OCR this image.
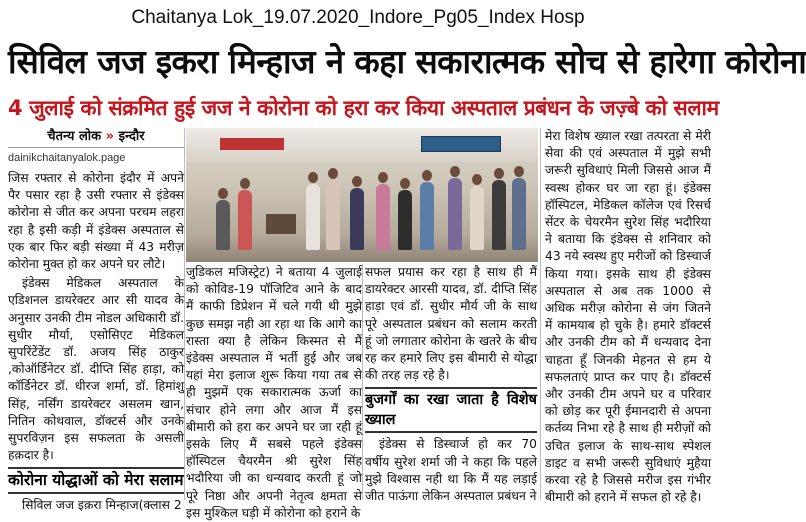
Chaitanya Lok_19.07.2020_Indore_Pg05_Index Hosp
सिविल जज इकरा मिन्हाज ने कहा सकारात्मक सोच से हारेगा कोरोना
4 जुलाई को संक्रमित हुई जज ने कोरोना को हरा कर किया अस्पताल प्रबंधन के जज़्बे को सलाम
चैतन्य लोक » इन्दौर
dainikchaitanyalok.page

जिस रफ्तार से कोरोना इंदौर में अपने पैर पसार रहा है उसी रफ्तार से इंडेक्स कोरोना से जीत कर अपना परचम लहरा रहा है इसी कड़ी में इंडेक्स अस्पताल से एक बार फिर बड़ी संख्या में 43 मरीज़ कोरोना मुक्त हो कर अपने घर लौटे।

इंडेक्स मेडिकल अस्पताल के एडिशनल डायरेक्टर आर सी यादव के अनुसार उनकी टीम नोडल अधिकारी डॉ. सुधीर मौर्या, एसोसिएट मेडिकल सुपरिंटेंडेंट डॉ. अजय सिंह ठाकुर ,कोऑर्डिनेटर डॉ. दीप्ति सिंह हाड़ा, को कॉर्डिनेटर डॉ. धीरज शर्मा, डॉ. हिमांशु सिंह, नर्सिंग डायरेक्टर असलम खान, नितिन कोथवाल, डॉक्टर्स और उनके सुपरविज़न इस सफलता के असली हक़दार है।

कोरोना योद्धाओं को मेरा सलाम

सिविल जज इक़रा मिन्हाज(क्लास 2

जुडिकल मजिस्ट्रेट) ने बताया 4 जुलाई को कोविड-19 पॉजिटिव आने के बाद मैं काफी डिप्रेशन में चले गयी थी मुझे कुछ समझ नही आ रहा था कि आगे का रास्ता क्या है लेकिन किस्मत से मैं इंडेक्स अस्पताल में भर्ती हुई और जब यहां मेरा इलाज शुरू किया गया तब से ही मुझमें एक सकारात्मक ऊर्जा का संचार होने लगा और आज मैं इस बीमारी को हरा कर अपने घर जा रही हूं इसके लिए मैं सबसे पहले इंडेक्स हॉस्पिटल चैयरमैन श्री सुरेश सिंह भदौरिया जी का धन्यवाद करती हूं जो पूरे निष्ठा और अपनी नेतृत्व क्षमता से इस मुश्किल घड़ी में कोरोना को हराने के

सफल प्रयास कर रहा है साथ ही मैं डायरेक्टर आरसी यादव, डॉ. दीप्ति सिंह हाड़ा एवं डॉ. सुधीर मौर्य जी के साथ पूरे अस्पताल प्रबंधन को सलाम करती हूं जो लगातार कोरोना के खतरे के बीच रह कर हमारे लिए इस बीमारी से योद्धा की तरह लड़ रहे है।

बुजर्गों का रखा जाता है विशेष ख्याल

इंडेक्स से डिस्चार्ज हो कर 70 वर्षीय सुरेश शर्मा जी ने कहा कि पहले मुझे विश्वास नही था कि मैं यह लड़ाई जीत पाऊंगा लेकिन अस्पताल प्रबंधन ने

मेरा विशेष ख्याल रखा तत्परता से मेरी सेवा की एवं अस्पताल में मुझे सभी जरूरी सुविधाएं मिली जिससे आज मैं स्वस्थ होकर घर जा रहा हूं। इंडेक्स हॉस्पिटल, मेडिकल कॉलेज एवं रिसर्च सेंटर के चेयरमैन सुरेश सिंह भदौरिया ने बताया कि इंडेक्स से शनिवार को 43 नये स्वस्थ हुए मरीजों को डिस्चार्ज किया गया। इसके साथ ही इंडेक्स अस्पताल से अब तक 1000 से अधिक मरीज़ कोरोना से जंग जितने में कामयाब हो चुके है। हमारे डॉक्टर्स और उनकी टीम को मैं धन्यवाद देना चाहता हूँ जिनकी मेहनत से हम ये सफलताएं प्राप्त कर पाए है। डॉक्टर्स और उनकी टीम अपने घर व परिवार को छोड़ कर पूरी ईमानदारी से अपना कर्तव्य निभा रहे है साथ ही मरीज़ों को उचित इलाज के साथ-साथ स्पेशल डाइट व सभी जरूरी सुविधाएं मुहैया करवा रहे है जिससे मरीज इस गंभीर बीमारी को हराने में सफल हो रहे है।
